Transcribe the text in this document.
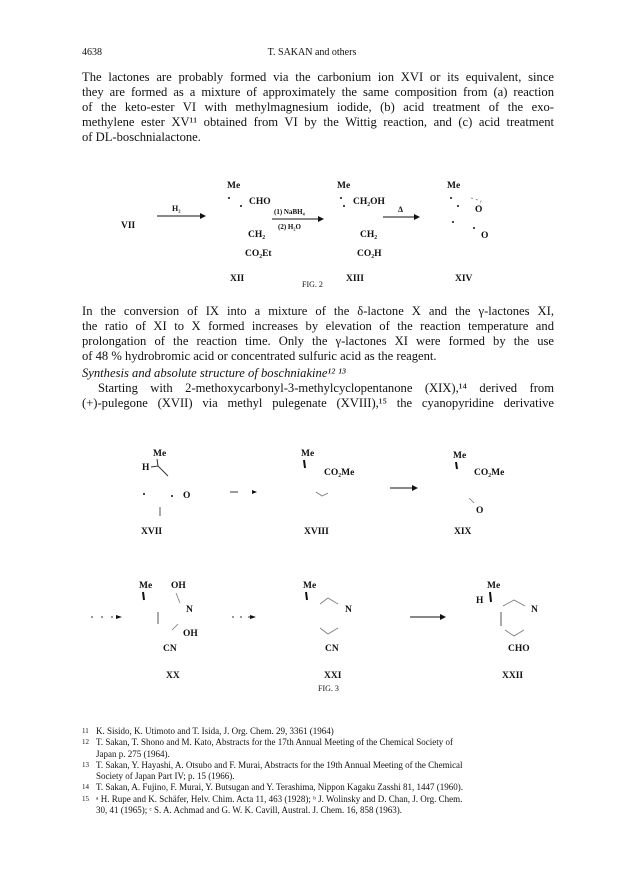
4638	T. SAKAN and others
The lactones are probably formed via the carbonium ion XVI or its equivalent, since
they are formed as a mixture of approximately the same composition from (a) reaction
of the keto-ester VI with methylmagnesium iodide, (b) acid treatment of the exo-
methylene ester XV¹¹ obtained from VI by the Wittig reaction, and (c) acid treatment
of DL-boschnialactone.
VII
H₂
Me
CHO
CH₂
CO₂Et
XII
(1) NaBH₄
(2) H₂O
Me
CH₂OH
CH₂
CO₂H
XIII
Δ
Me
O
O
XIV
FIG. 2
In the conversion of IX into a mixture of the δ-lactone X and the γ-lactones XI,
the ratio of XI to X formed increases by elevation of the reaction temperature and
prolongation of the reaction time. Only the γ-lactones XI were formed by the use
of 48 % hydrobromic acid or concentrated sulfuric acid as the reagent.
Synthesis and absolute structure of boschniakine¹² ¹³
Starting with 2-methoxycarbonyl-3-methylcyclopentanone (XIX),¹⁴ derived from
(+)-pulegone (XVII) via methyl pulegenate (XVIII),¹⁵ the cyanopyridine derivative
Me
H
O
XVII
Me
CO₂Me
XVIII
Me
CO₂Me
O
XIX
Me OH
N
OH
CN
XX
Me
N
CN
XXI
FIG. 3
Me
H
N
CHO
XXII
11 K. Sisido, K. Utimoto and T. Isida, J. Org. Chem. 29, 3361 (1964)
12 T. Sakan, T. Shono and M. Kato, Abstracts for the 17th Annual Meeting of the Chemical Society of
Japan p. 275 (1964).
13 T. Sakan, Y. Hayashi, A. Otsubo and F. Murai, Abstracts for the 19th Annual Meeting of the Chemical
Society of Japan Part IV; p. 15 (1966).
14 T. Sakan, A. Fujino, F. Murai, Y. Butsugan and Y. Terashima, Nippon Kagaku Zasshi 81, 1447 (1960).
15 ᵃ H. Rupe and K. Schäfer, Helv. Chim. Acta 11, 463 (1928); ᵇ J. Wolinsky and D. Chan, J. Org. Chem.
30, 41 (1965); ᶜ S. A. Achmad and G. W. K. Cavill, Austral. J. Chem. 16, 858 (1963).
